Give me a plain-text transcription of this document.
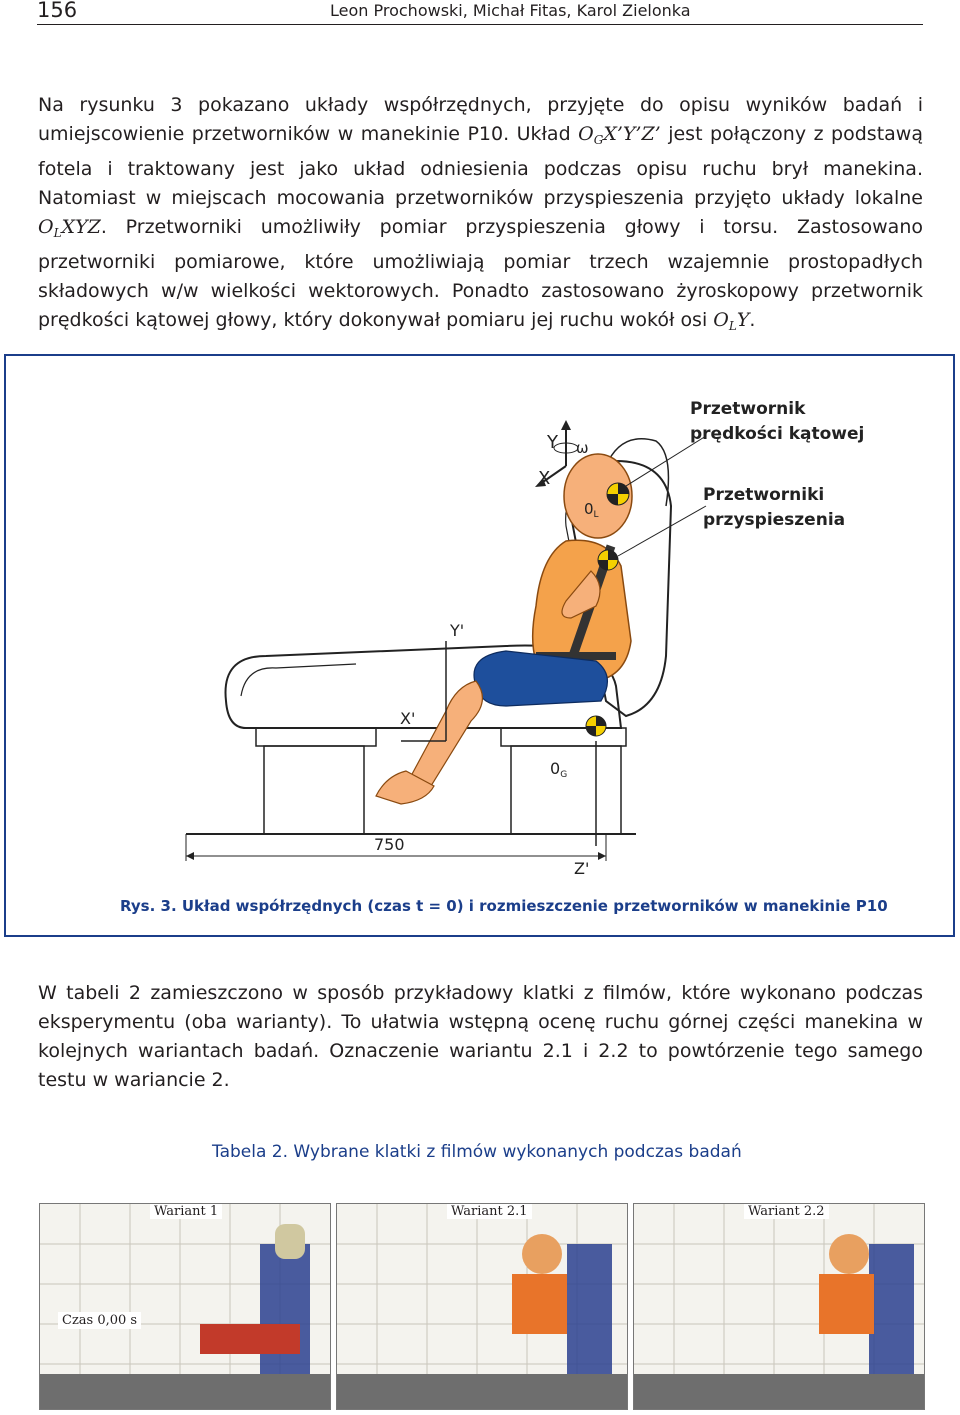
156	Leon Prochowski, Michał Fitas, Karol Zielonka

Na rysunku 3 pokazano układy współrzędnych, przyjęte do opisu wyników badań i umiejscowienie przetworników w manekinie P10. Układ $O_GX’Y’Z$’ jest połączony z podstawą fotela i traktowany jest jako układ odniesienia podczas opisu ruchu brył manekina. Natomiast w miejscach mocowania przetworników przyspieszenia przyjęto układy lokalne $O_LXYZ$. Przetworniki umożliwiły pomiar przyspieszenia głowy i torsu. Zastosowano przetworniki pomiarowe, które umożliwiają pomiar trzech wzajemnie prostopadłych składowych w/w wielkości wektorowych. Ponadto zastosowano żyroskopowy przetwornik prędkości kątowej głowy, który dokonywał pomiaru jej ruchu wokół osi $O_LY$.

Przetwornik
prędkości kątowej
Przetworniki
przyspieszenia
Y
X
ω
$0_L$
Y'
X'
0G
Z'
750
Rys. 3. Układ współrzędnych (czas t = 0) i rozmieszczenie przetworników w manekinie P10

W tabeli 2 zamieszczono w sposób przykładowy klatki z filmów, które wykonano podczas eksperymentu (oba warianty). To ułatwia wstępną ocenę ruchu górnej części manekina w kolejnych wariantach badań. Oznaczenie wariantu 2.1 i 2.2 to powtórzenie tego samego testu w wariancie 2.

Tabela 2. Wybrane klatki z filmów wykonanych podczas badań
Wariant 1
Czas 0,00 s
Wariant 2.1	Wariant 2.2
